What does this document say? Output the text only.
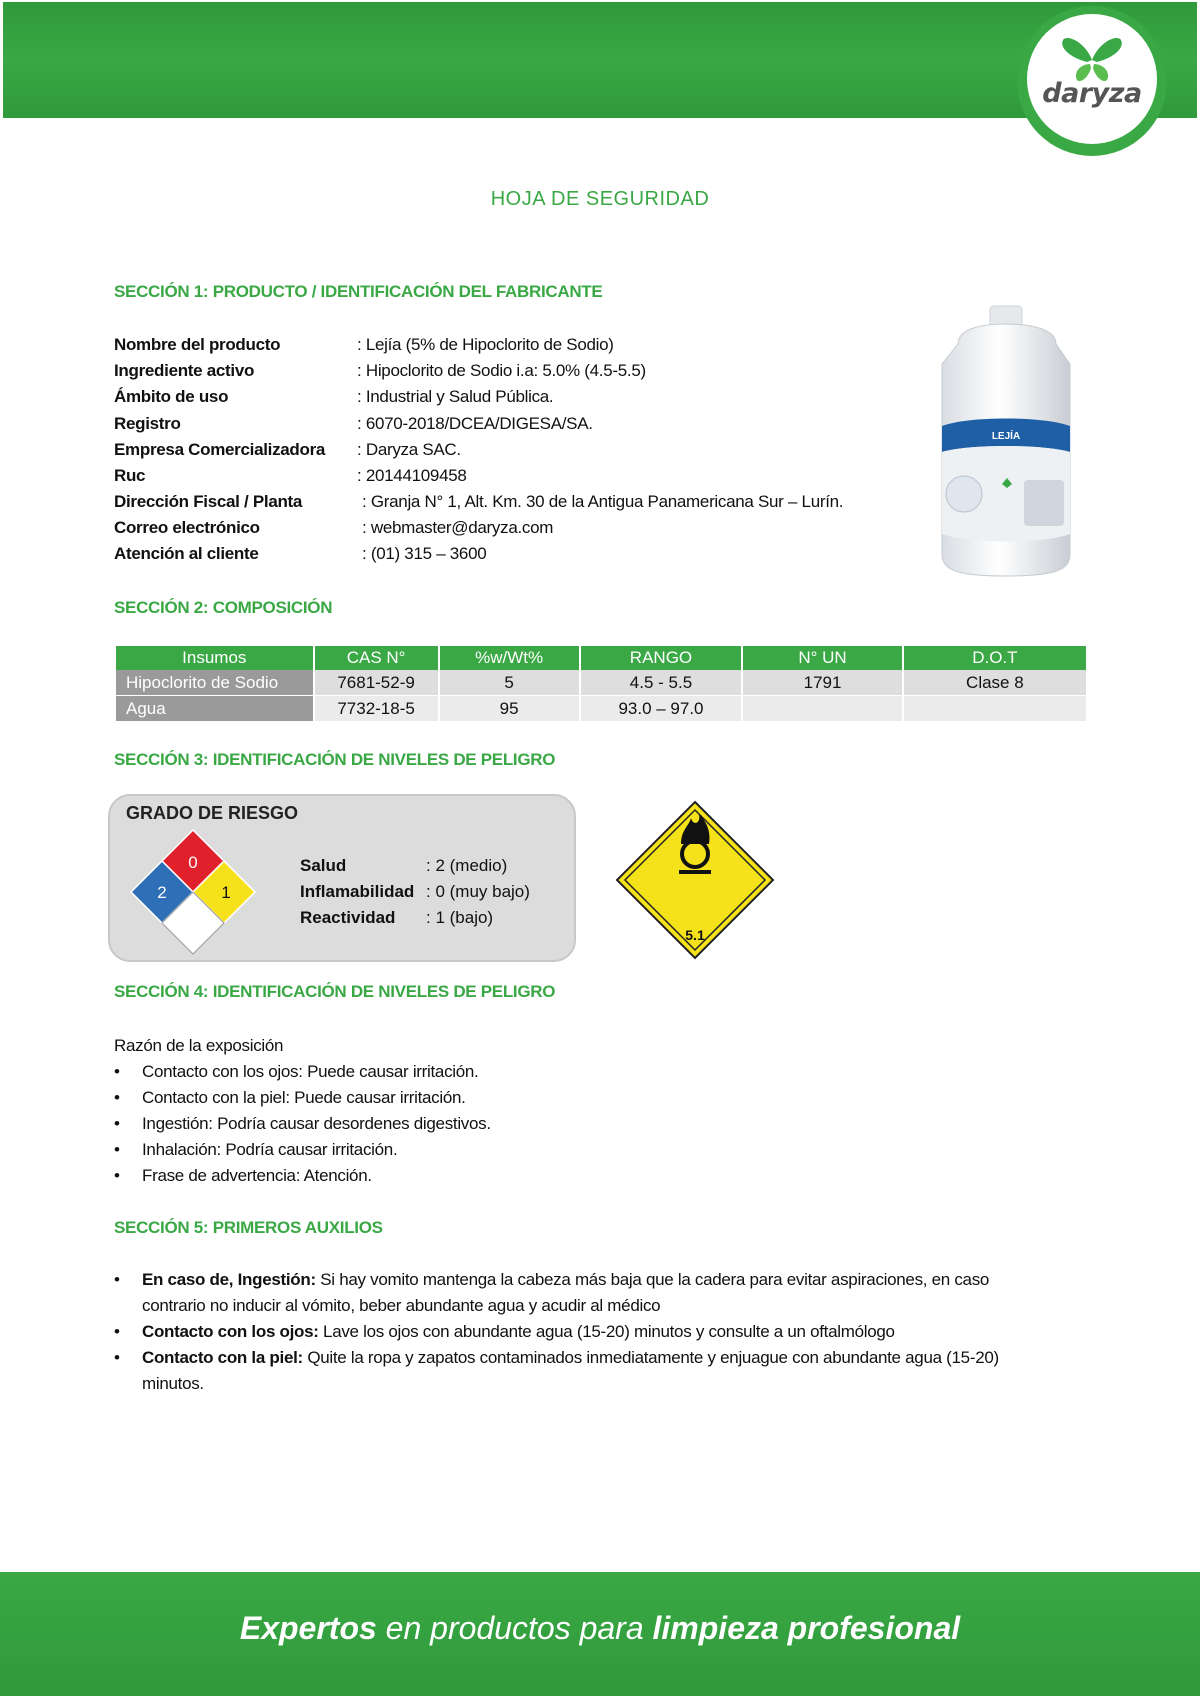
daryza
HOJA DE SEGURIDAD
SECCIÓN 1: PRODUCTO / IDENTIFICACIÓN DEL FABRICANTE
Nombre del producto	: Lejía (5% de Hipoclorito de Sodio)
Ingrediente activo	: Hipoclorito de Sodio i.a: 5.0% (4.5-5.5)
Ámbito de uso	: Industrial y Salud Pública.
Registro	: 6070-2018/DCEA/DIGESA/SA.
Empresa Comercializadora : Daryza SAC.
Ruc	: 20144109458
Dirección Fiscal / Planta	: Granja N° 1, Alt. Km. 30 de la Antigua Panamericana Sur – Lurín.
Correo electrónico	: webmaster@daryza.com
Atención al cliente	: (01) 315 – 3600
LEJÍA
SECCIÓN 2: COMPOSICIÓN
Insumos	CAS N°	%w/Wt%	RANGO	N° UN	D.O.T
Hipoclorito de Sodio	7681-52-9	5	4.5 - 5.5	1791	Clase 8
Agua	7732-18-5	95	93.0 – 97.0		
SECCIÓN 3: IDENTIFICACIÓN DE NIVELES DE PELIGRO
GRADO DE RIESGO
0
2	1
Salud	: 2 (medio)
Inflamabilidad : 0 (muy bajo)
Reactividad : 1 (bajo)
5.1
SECCIÓN 4: IDENTIFICACIÓN DE NIVELES DE PELIGRO
Razón de la exposición
• Contacto con los ojos: Puede causar irritación.
• Contacto con la piel: Puede causar irritación.
• Ingestión: Podría causar desordenes digestivos.
• Inhalación: Podría causar irritación.
• Frase de advertencia: Atención.
SECCIÓN 5: PRIMEROS AUXILIOS
• En caso de, Ingestión: Si hay vomito mantenga la cabeza más baja que la cadera para evitar aspiraciones, en caso
contrario no inducir al vómito, beber abundante agua y acudir al médico
• Contacto con los ojos: Lave los ojos con abundante agua (15-20) minutos y consulte a un oftalmólogo
• Contacto con la piel: Quite la ropa y zapatos contaminados inmediatamente y enjuague con abundante agua (15-20)
minutos.
Expertos en productos para limpieza profesional
